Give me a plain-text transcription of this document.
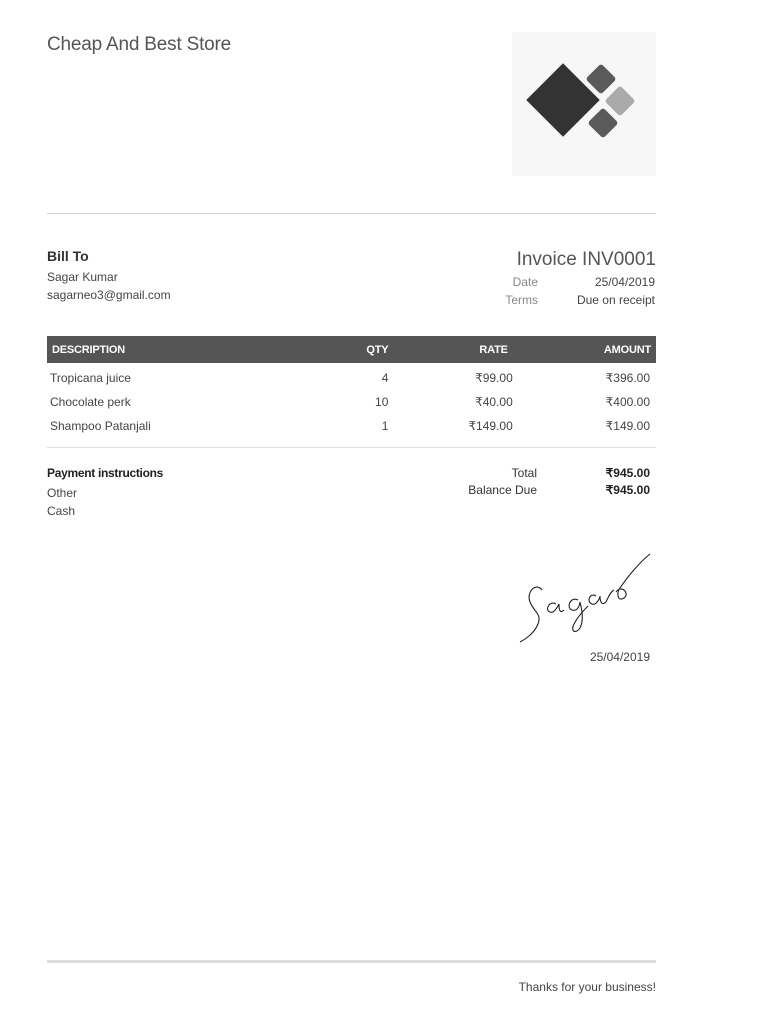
Cheap And Best Store
Bill To
Sagar Kumar
sagarneo3@gmail.com
Invoice INV0001
Date	25/04/2019
Terms	Due on receipt
DESCRIPTION	QTY	RATE	AMOUNT
Tropicana juice	4	₹99.00	₹396.00
Chocolate perk	10	₹40.00	₹400.00
Shampoo Patanjali	1	₹149.00	₹149.00
Payment instructions
Other
Cash
Total	₹945.00
Balance Due	₹945.00
25/04/2019
Thanks for your business!
